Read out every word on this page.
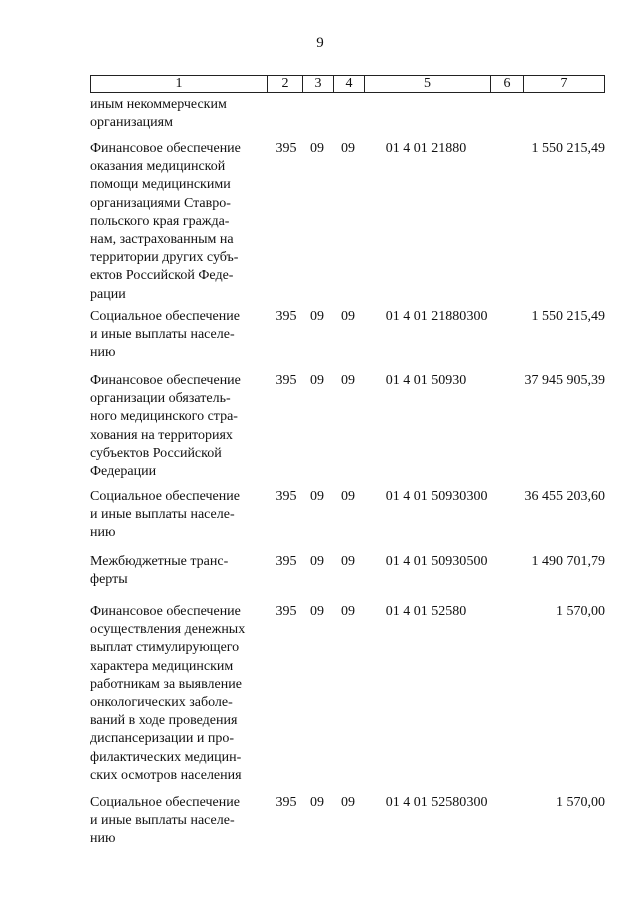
9
1	2	3	4	5	6	7
иным некоммерческим
организациям
Финансовое обеспечение
оказания медицинской
помощи медицинскими
организациями Ставро-
польского края гражда-
нам, застрахованным на
территории других субъ-
ектов Российской Феде-
рации
395 09	09	01 4 01 21880	1 550 215,49
Социальное обеспечение
и иные выплаты населе-
нию
395 09	09	01 4 01 21880 300	1 550 215,49
Финансовое обеспечение
организации обязатель-
ного медицинского стра-
хования на территориях
субъектов Российской
Федерации
395 09	09	01 4 01 50930	37 945 905,39
Социальное обеспечение
и иные выплаты населе-
нию
395 09	09	01 4 01 50930 300	36 455 203,60
Межбюджетные транс-
ферты
395 09	09	01 4 01 50930 500	1 490 701,79
Финансовое обеспечение
осуществления денежных
выплат стимулирующего
характера медицинским
работникам за выявление
онкологических заболе-
ваний в ходе проведения
диспансеризации и про-
филактических медицин-
ских осмотров населения
395 09	09	01 4 01 52580	1 570,00
Социальное обеспечение
и иные выплаты населе-
нию
395 09	09	01 4 01 52580 300	1 570,00
